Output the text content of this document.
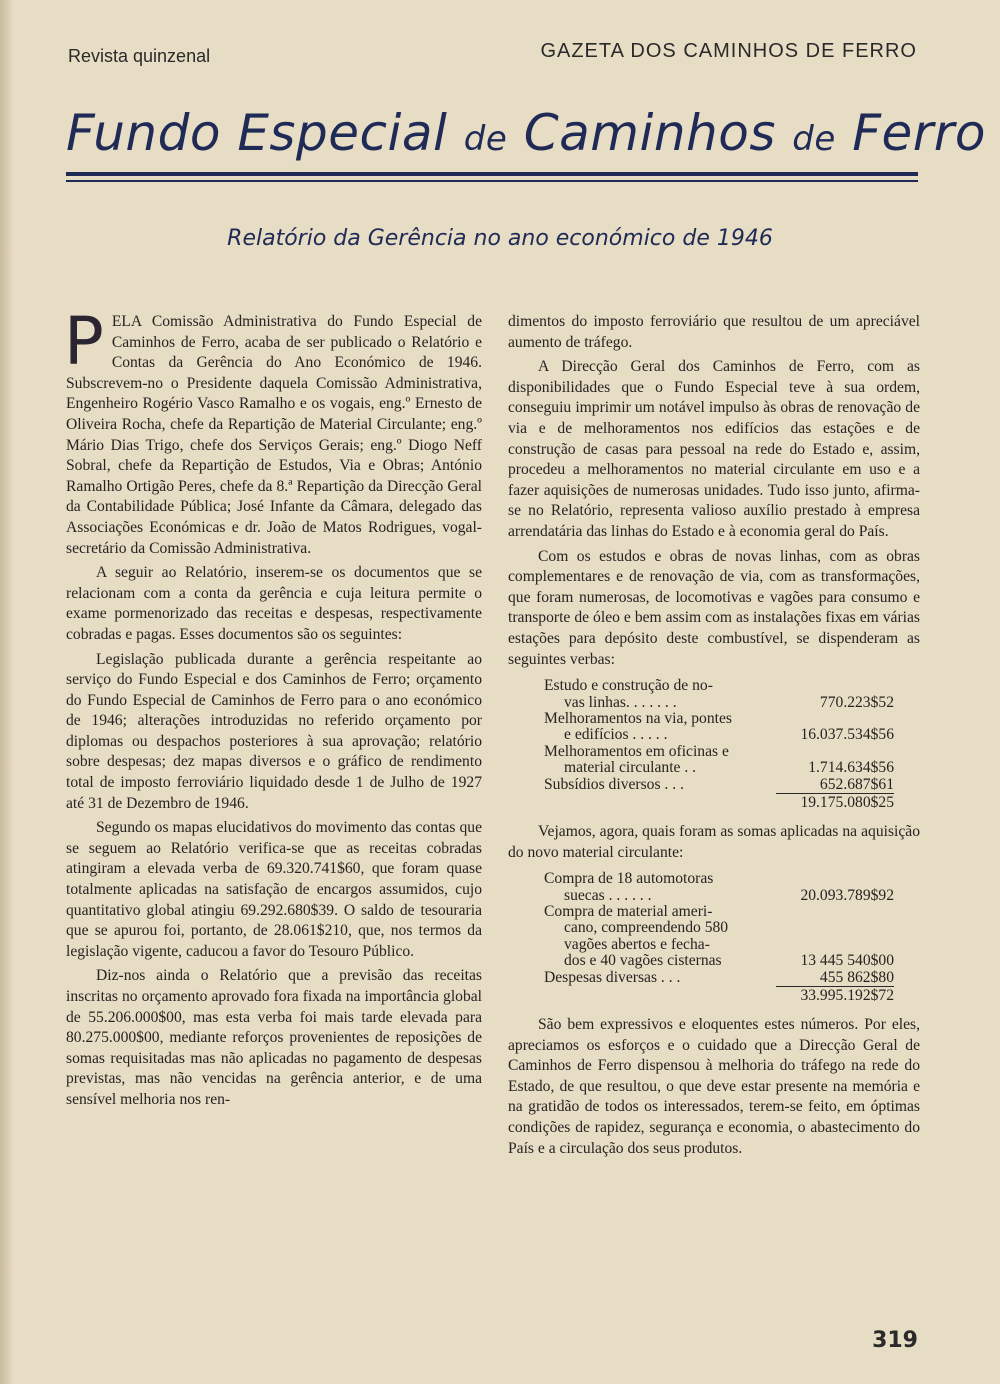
Revista quinzenal	GAZETA DOS CAMINHOS DE FERRO
Fundo Especial de Caminhos de Ferro
Relatório da Gerência no ano económico de 1946

PELA Comissão Administrativa do Fundo Especial de Caminhos de Ferro, acaba de ser publicado o Relatório e Contas da Gerência do Ano Económico de 1946. Subscrevem-no o Presidente daquela Comissão Administrativa, Engenheiro Rogério Vasco Ramalho e os vogais, eng.º Ernesto de Oliveira Rocha, chefe da Repartição de Material Circulante; eng.º Mário Dias Trigo, chefe dos Serviços Gerais; eng.º Diogo Neff Sobral, chefe da Repartição de Estudos, Via e Obras; António Ramalho Ortigão Peres, chefe da 8.ª Repartição da Direcção Geral da Contabilidade Pública; José Infante da Câmara, delegado das Associações Económicas e dr. João de Matos Rodrigues, vogal-secretário da Comissão Administrativa.

A seguir ao Relatório, inserem-se os documentos que se relacionam com a conta da gerência e cuja leitura permite o exame pormenorizado das receitas e despesas, respectivamente cobradas e pagas. Esses documentos são os seguintes:

Legislação publicada durante a gerência respeitante ao serviço do Fundo Especial e dos Caminhos de Ferro; orçamento do Fundo Especial de Caminhos de Ferro para o ano económico de 1946; alterações introduzidas no referido orçamento por diplomas ou despachos posteriores à sua aprovação; relatório sobre despesas; dez mapas diversos e o gráfico de rendimento total de imposto ferroviário liquidado desde 1 de Julho de 1927 até 31 de Dezembro de 1946.

Segundo os mapas elucidativos do movimento das contas que se seguem ao Relatório verifica-se que as receitas cobradas atingiram a elevada verba de 69.320.741$60, que foram quase totalmente aplicadas na satisfação de encargos assumidos, cujo quantitativo global atingiu 69.292.680$39. O saldo de tesouraria que se apurou foi, portanto, de 28.061$210, que, nos termos da legislação vigente, caducou a favor do Tesouro Público.

Diz-nos ainda o Relatório que a previsão das receitas inscritas no orçamento aprovado fora fixada na importância global de 55.206.000$00, mas esta verba foi mais tarde elevada para 80.275.000$00, mediante reforços provenientes de reposições de somas requisitadas mas não aplicadas no pagamento de despesas previstas, mas não vencidas na gerência anterior, e de uma sensível melhoria nos ren-

dimentos do imposto ferroviário que resultou de um apreciável aumento de tráfego.

A Direcção Geral dos Caminhos de Ferro, com as disponibilidades que o Fundo Especial teve à sua ordem, conseguiu imprimir um notável impulso às obras de renovação de via e de melhoramentos nos edifícios das estações e de construção de casas para pessoal na rede do Estado e, assim, procedeu a melhoramentos no material circulante em uso e a fazer aquisições de numerosas unidades. Tudo isso junto, afirma-se no Relatório, representa valioso auxílio prestado à empresa arrendatária das linhas do Estado e à economia geral do País.

Com os estudos e obras de novas linhas, com as obras complementares e de renovação de via, com as transformações, que foram numerosas, de locomotivas e vagões para consumo e transporte de óleo e bem assim com as instalações fixas em várias estações para depósito deste combustível, se dispenderam as seguintes verbas:

Estudo e construção de no-
vas linhas. . . . . . .	770.223$52
Melhoramentos na via, pontes
e edifícios . . . . .	16.037.534$56
Melhoramentos em oficinas e
material circulante . .	1.714.634$56
Subsídios diversos . . .	652.687$61
19.175.080$25

Vejamos, agora, quais foram as somas aplicadas na aquisição do novo material circulante:

Compra de 18 automotoras
suecas . . . . . .	20.093.789$92
Compra de material ameri-
cano, compreendendo 580
vagões abertos e fecha-
dos e 40 vagões cisternas	13 445 540$00
Despesas diversas . . .	455 862$80
33.995.192$72

São bem expressivos e eloquentes estes números. Por eles, apreciamos os esforços e o cuidado que a Direcção Geral de Caminhos de Ferro dispensou à melhoria do tráfego na rede do Estado, de que resultou, o que deve estar presente na memória e na gratidão de todos os interessados, terem-se feito, em óptimas condições de rapidez, segurança e economia, o abastecimento do País e a circulação dos seus produtos.

319
